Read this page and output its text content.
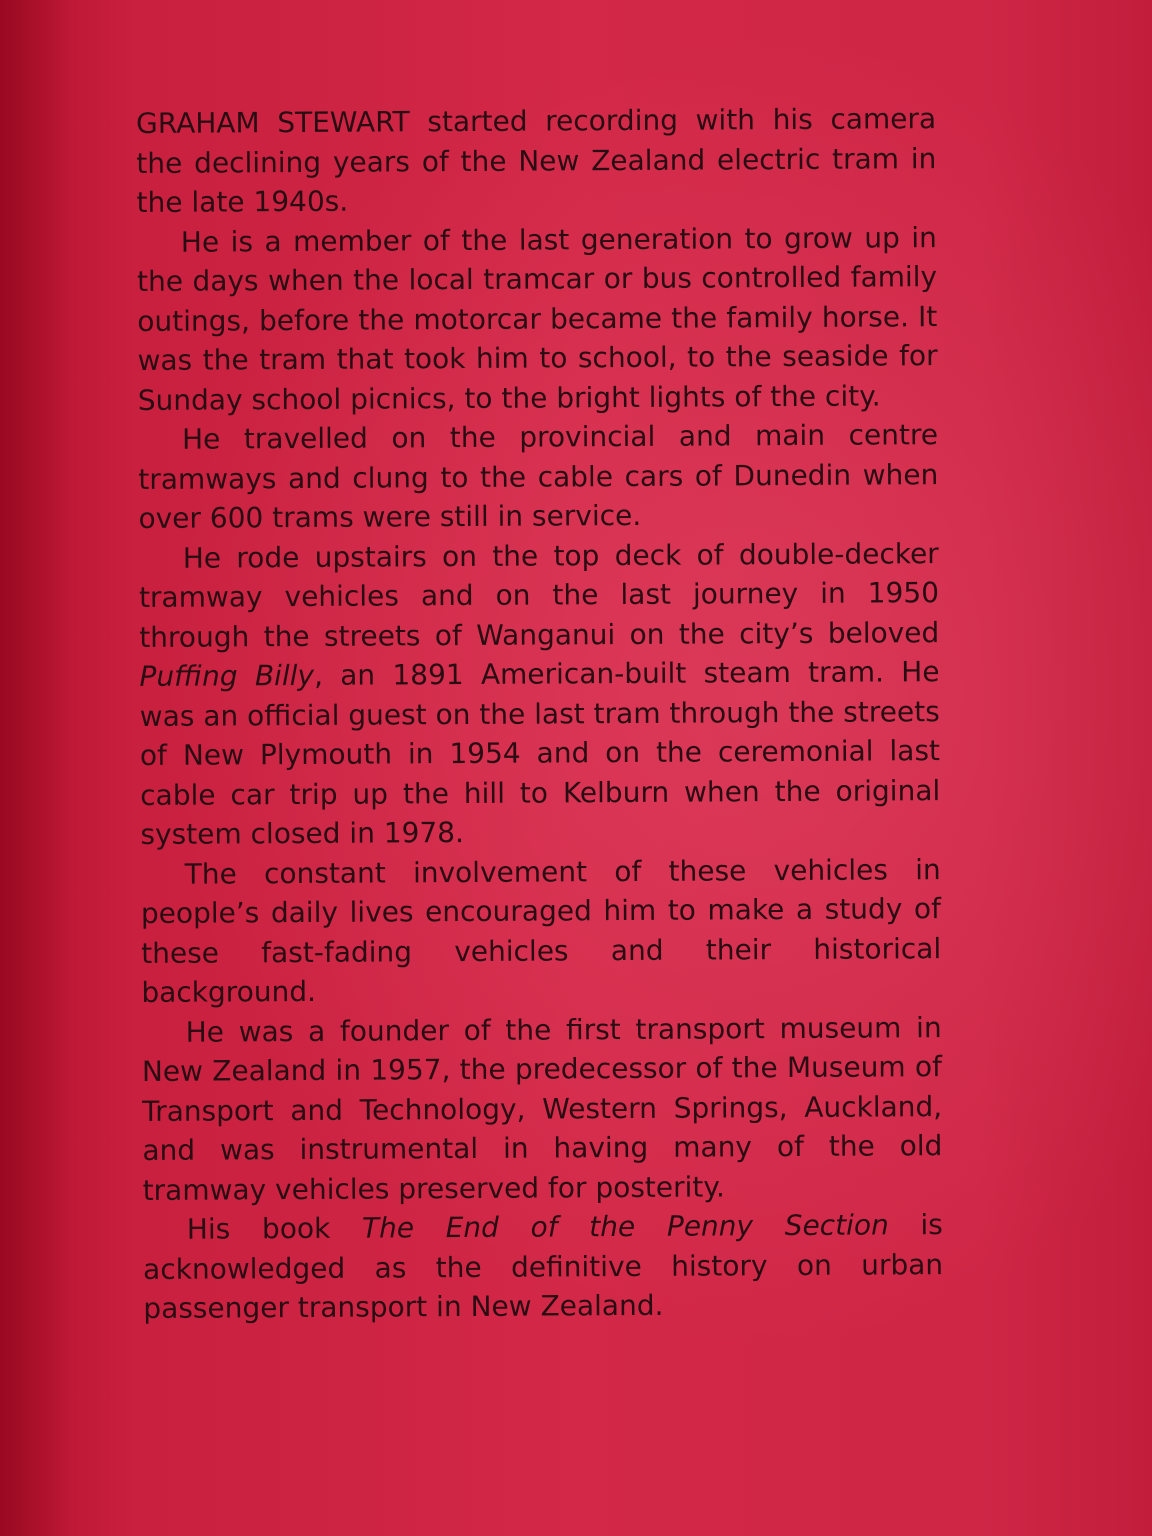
GRAHAM STEWART started recording with his camera the declining years of the New Zealand electric tram in the late 1940s.

He is a member of the last generation to grow up in the days when the local tramcar or bus controlled family outings, before the motorcar became the family horse. It was the tram that took him to school, to the seaside for Sunday school picnics, to the bright lights of the city.

He travelled on the provincial and main centre tramways and clung to the cable cars of Dunedin when over 600 trams were still in service.

He rode upstairs on the top deck of double-decker tramway vehicles and on the last journey in 1950 through the streets of Wanganui on the city’s beloved Puffing Billy, an 1891 American-built steam tram. He was an official guest on the last tram through the streets of New Plymouth in 1954 and on the ceremonial last cable car trip up the hill to Kelburn when the original system closed in 1978.

The constant involvement of these vehicles in people’s daily lives encouraged him to make a study of these fast-fading vehicles and their historical background.

He was a founder of the first transport museum in New Zealand in 1957, the predecessor of the Museum of Transport and Technology, Western Springs, Auckland, and was instrumental in having many of the old tramway vehicles preserved for posterity.

His book The End of the Penny Section is acknowledged as the definitive history on urban passenger transport in New Zealand.
